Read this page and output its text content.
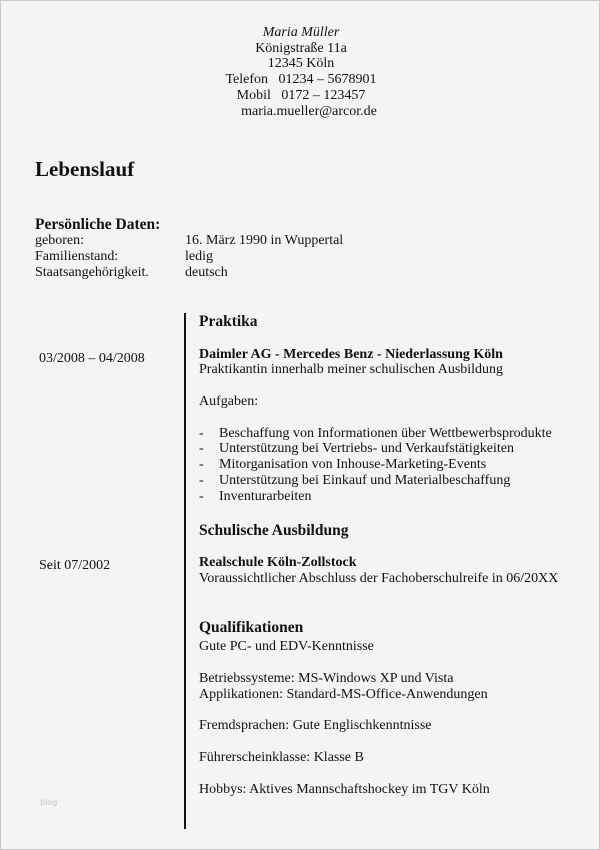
Maria Müller
Königstraße 11a
12345 Köln
Telefon   01234 – 5678901
Mobil   0172 – 123457
maria.mueller@arcor.de
Lebenslauf
Persönliche Daten:
geboren:	16. März 1990 in Wuppertal
Familienstand:	ledig
Staatsangehörigkeit.	deutsch
Praktika
03/2008 – 04/2008	Daimler AG - Mercedes Benz - Niederlassung Köln
Praktikantin innerhalb meiner schulischen Ausbildung
Aufgaben:
- Beschaffung von Informationen über Wettbewerbsprodukte
- Unterstützung bei Vertriebs- und Verkaufstätigkeiten
- Mitorganisation von Inhouse-Marketing-Events
- Unterstützung bei Einkauf und Materialbeschaffung
- Inventurarbeiten
Schulische Ausbildung
Seit 07/2002	Realschule Köln-Zollstock
Voraussichtlicher Abschluss der Fachoberschulreife in 06/20XX
Qualifikationen
Gute PC- und EDV-Kenntnisse
Betriebssysteme: MS-Windows XP und Vista
Applikationen: Standard-MS-Office-Anwendungen
Fremdsprachen: Gute Englischkenntnisse
Führerscheinklasse: Klasse B
Hobbys: Aktives Mannschaftshockey im TGV Köln
blog
